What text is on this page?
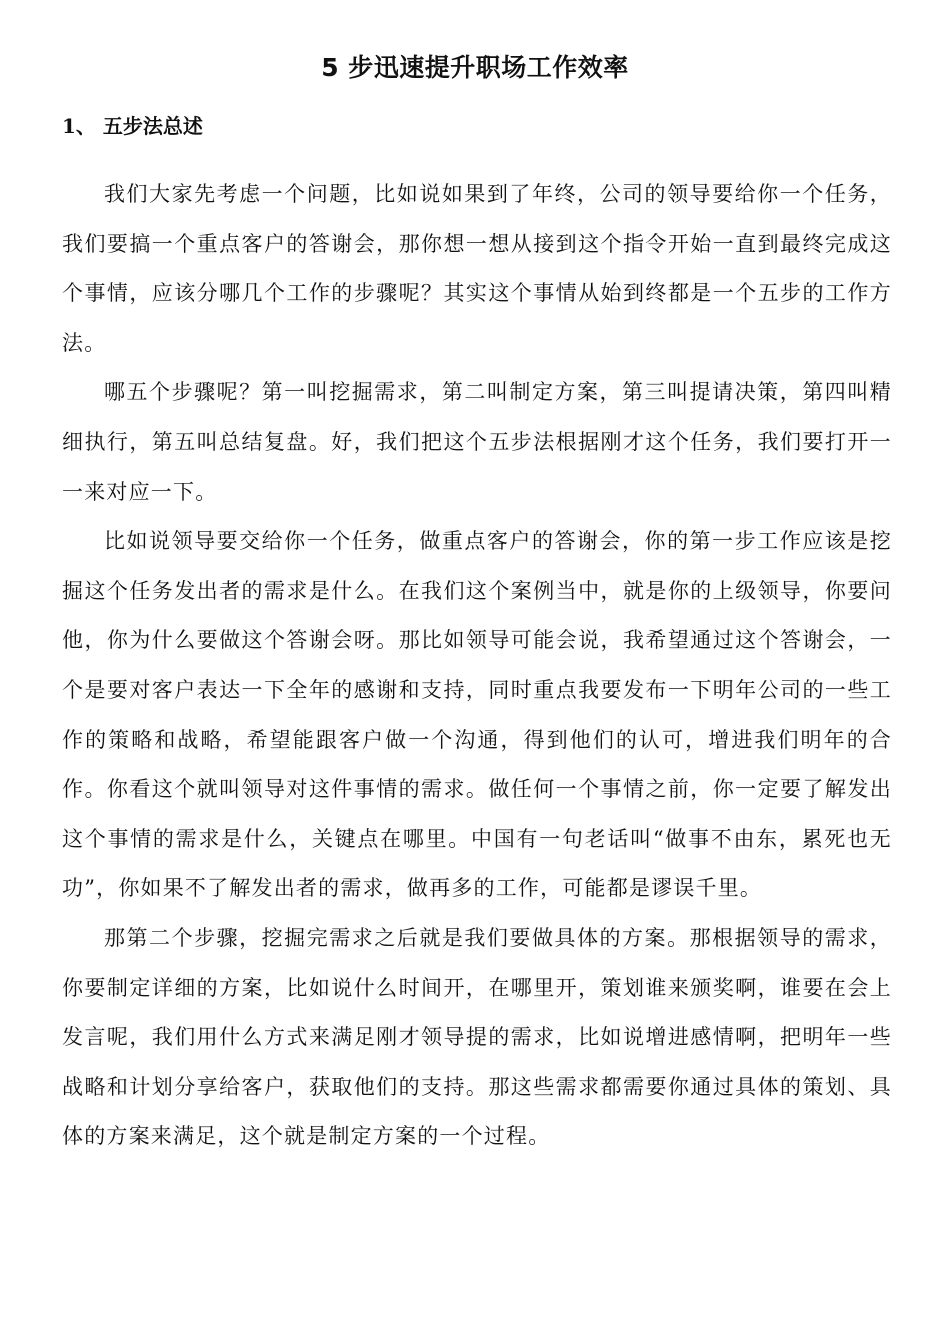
5 步迅速提升职场工作效率
1、 五步法总述

我们大家先考虑一个问题，比如说如果到了年终，公司的领导要给你一个任务，我们要搞一个重点客户的答谢会，那你想一想从接到这个指令开始一直到最终完成这个事情，应该分哪几个工作的步骤呢？其实这个事情从始到终都是一个五步的工作方法。

哪五个步骤呢？第一叫挖掘需求，第二叫制定方案，第三叫提请决策，第四叫精细执行，第五叫总结复盘。好，我们把这个五步法根据刚才这个任务，我们要打开一一来对应一下。

比如说领导要交给你一个任务，做重点客户的答谢会，你的第一步工作应该是挖掘这个任务发出者的需求是什么。在我们这个案例当中，就是你的上级领导，你要问他，你为什么要做这个答谢会呀。那比如领导可能会说，我希望通过这个答谢会，一个是要对客户表达一下全年的感谢和支持，同时重点我要发布一下明年公司的一些工作的策略和战略，希望能跟客户做一个沟通，得到他们的认可，增进我们明年的合作。你看这个就叫领导对这件事情的需求。做任何一个事情之前，你一定要了解发出这个事情的需求是什么，关键点在哪里。中国有一句老话叫“做事不由东，累死也无功”，你如果不了解发出者的需求，做再多的工作，可能都是谬误千里。

那第二个步骤，挖掘完需求之后就是我们要做具体的方案。那根据领导的需求，你要制定详细的方案，比如说什么时间开，在哪里开，策划谁来颁奖啊，谁要在会上发言呢，我们用什么方式来满足刚才领导提的需求，比如说增进感情啊，把明年一些战略和计划分享给客户，获取他们的支持。那这些需求都需要你通过具体的策划、具体的方案来满足，这个就是制定方案的一个过程。
